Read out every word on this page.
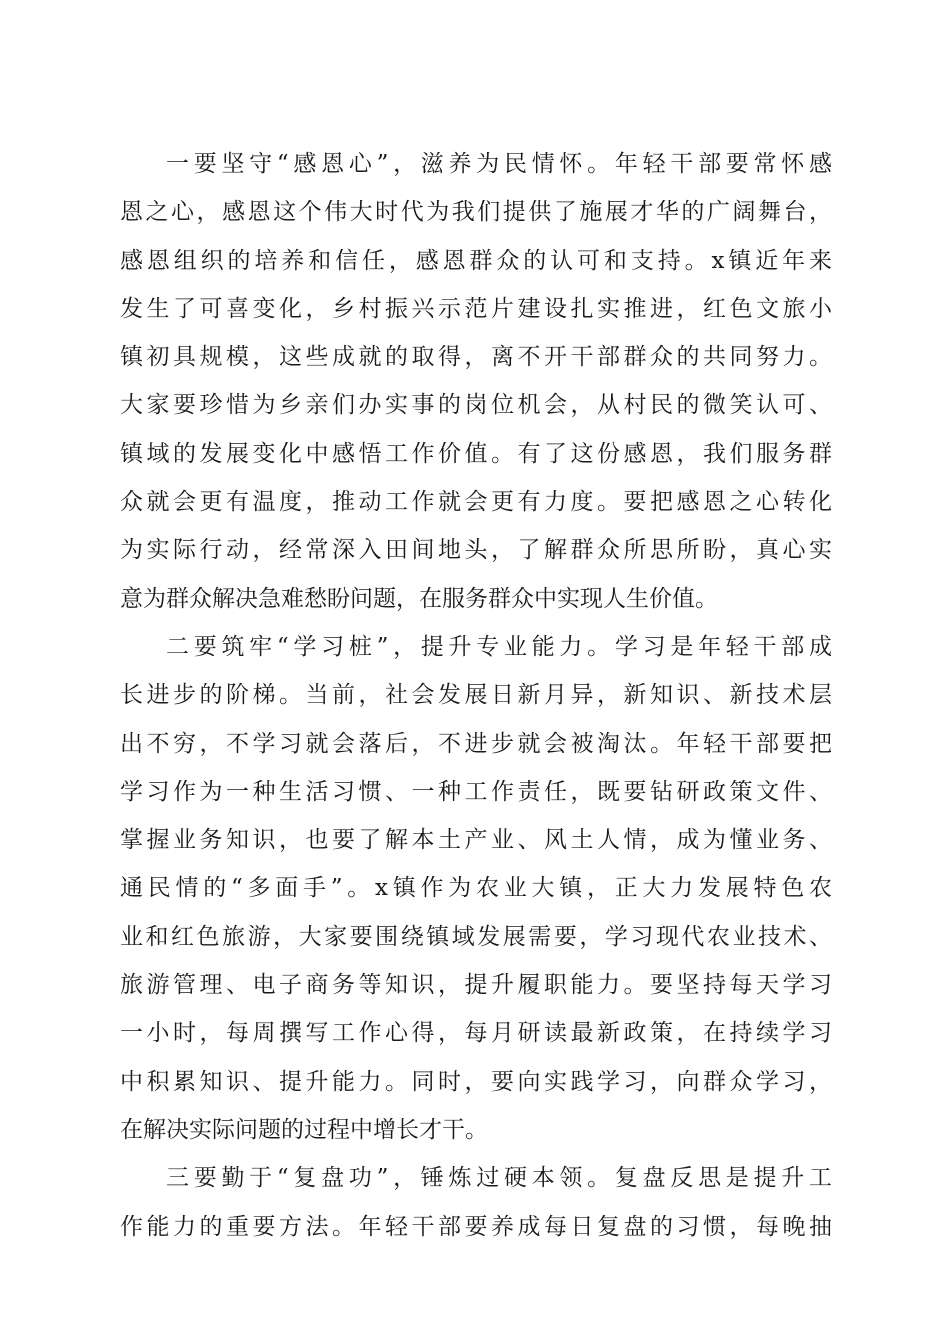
一要坚守“感恩心”，滋养为民情怀。年轻干部要常怀感
恩之心，感恩这个伟大时代为我们提供了施展才华的广阔舞台，
感恩组织的培养和信任，感恩群众的认可和支持。x镇近年来
发生了可喜变化，乡村振兴示范片建设扎实推进，红色文旅小
镇初具规模，这些成就的取得，离不开干部群众的共同努力。
大家要珍惜为乡亲们办实事的岗位机会，从村民的微笑认可、
镇域的发展变化中感悟工作价值。有了这份感恩，我们服务群
众就会更有温度，推动工作就会更有力度。要把感恩之心转化
为实际行动，经常深入田间地头，了解群众所思所盼，真心实
意为群众解决急难愁盼问题，在服务群众中实现人生价值。
二要筑牢“学习桩”，提升专业能力。学习是年轻干部成
长进步的阶梯。当前，社会发展日新月异，新知识、新技术层
出不穷，不学习就会落后，不进步就会被淘汰。年轻干部要把
学习作为一种生活习惯、一种工作责任，既要钻研政策文件、
掌握业务知识，也要了解本土产业、风土人情，成为懂业务、
通民情的“多面手”。x镇作为农业大镇，正大力发展特色农
业和红色旅游，大家要围绕镇域发展需要，学习现代农业技术、
旅游管理、电子商务等知识，提升履职能力。要坚持每天学习
一小时，每周撰写工作心得，每月研读最新政策，在持续学习
中积累知识、提升能力。同时，要向实践学习，向群众学习，
在解决实际问题的过程中增长才干。
三要勤于“复盘功”，锤炼过硬本领。复盘反思是提升工
作能力的重要方法。年轻干部要养成每日复盘的习惯，每晚抽
